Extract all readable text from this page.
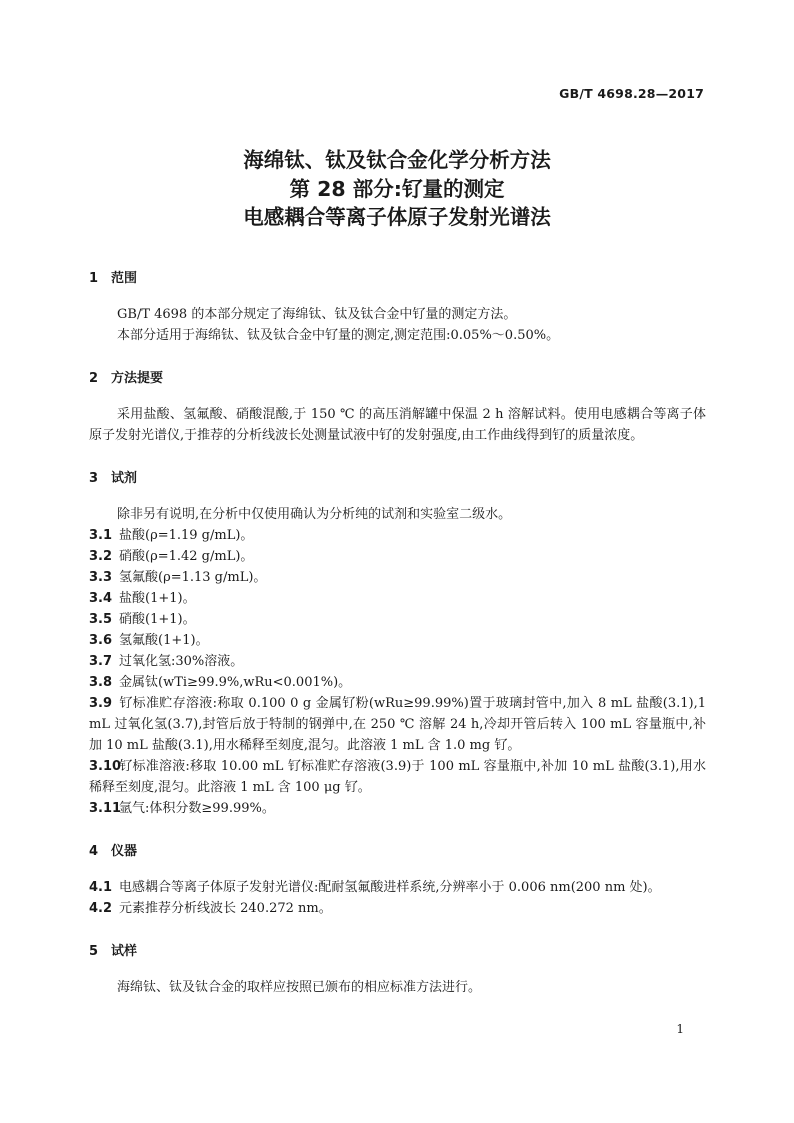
GB/T 4698.28—2017
海绵钛、钛及钛合金化学分析方法
第 28 部分:钌量的测定
电感耦合等离子体原子发射光谱法
1 范围
GB/T 4698 的本部分规定了海绵钛、钛及钛合金中钌量的测定方法。
本部分适用于海绵钛、钛及钛合金中钌量的测定,测定范围:0.05%～0.50%。
2 方法提要
采用盐酸、氢氟酸、硝酸混酸,于 150 ℃ 的高压消解罐中保温 2 h 溶解试料。使用电感耦合等离子体原子发射光谱仪,于推荐的分析线波长处测量试液中钌的发射强度,由工作曲线得到钌的质量浓度。
3 试剂
除非另有说明,在分析中仅使用确认为分析纯的试剂和实验室二级水。
3.1 盐酸(ρ=1.19 g/mL)。
3.2 硝酸(ρ=1.42 g/mL)。
3.3 氢氟酸(ρ=1.13 g/mL)。
3.4 盐酸(1+1)。
3.5 硝酸(1+1)。
3.6 氢氟酸(1+1)。
3.7 过氧化氢:30%溶液。
3.8 金属钛(wTi≥99.9%,wRu<0.001%)。
3.9 钌标准贮存溶液:称取 0.100 0 g 金属钌粉(wRu≥99.99%)置于玻璃封管中,加入 8 mL 盐酸(3.1),1 mL 过氧化氢(3.7),封管后放于特制的钢弹中,在 250 ℃ 溶解 24 h,冷却开管后转入 100 mL 容量瓶中,补加 10 mL 盐酸(3.1),用水稀释至刻度,混匀。此溶液 1 mL 含 1.0 mg 钌。
3.10钌标准溶液:移取 10.00 mL 钌标准贮存溶液(3.9)于 100 mL 容量瓶中,补加 10 mL 盐酸(3.1),用水稀释至刻度,混匀。此溶液 1 mL 含 100 μg 钌。
3.11氩气:体积分数≥99.99%。
4 仪器
4.1 电感耦合等离子体原子发射光谱仪:配耐氢氟酸进样系统,分辨率小于 0.006 nm(200 nm 处)。
4.2 元素推荐分析线波长 240.272 nm。
5 试样
海绵钛、钛及钛合金的取样应按照已颁布的相应标准方法进行。
1
